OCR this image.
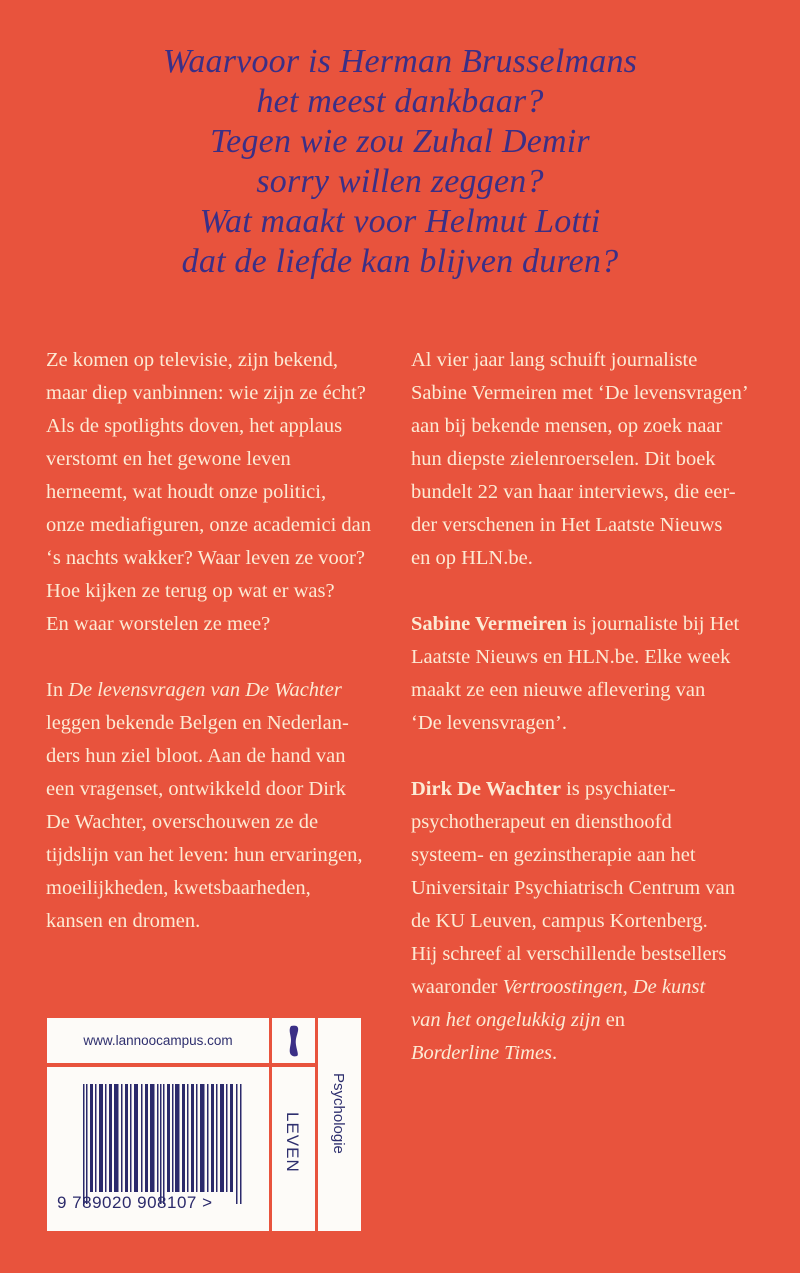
Waarvoor is Herman Brusselmans
het meest dankbaar?
Tegen wie zou Zuhal Demir
sorry willen zeggen?
Wat maakt voor Helmut Lotti
dat de liefde kan blijven duren?
Ze komen op televisie, zijn bekend,
maar diep vanbinnen: wie zijn ze écht?
Als de spotlights doven, het applaus
verstomt en het gewone leven
herneemt, wat houdt onze politici,
onze mediafiguren, onze academici dan
‘s nachts wakker? Waar leven ze voor?
Hoe kijken ze terug op wat er was?
En waar worstelen ze mee?
In De levensvragen van De Wachter
leggen bekende Belgen en Nederlan-
ders hun ziel bloot. Aan de hand van
een vragenset, ontwikkeld door Dirk
De Wachter, overschouwen ze de
tijdslijn van het leven: hun ervaringen,
moeilijkheden, kwetsbaarheden,
kansen en dromen.
Al vier jaar lang schuift journaliste
Sabine Vermeiren met ‘De levensvragen’
aan bij bekende mensen, op zoek naar
hun diepste zielenroerselen. Dit boek
bundelt 22 van haar interviews, die eer-
der verschenen in Het Laatste Nieuws
en op HLN.be.
Sabine Vermeiren is journaliste bij Het
Laatste Nieuws en HLN.be. Elke week
maakt ze een nieuwe aflevering van
‘De levensvragen’.
Dirk De Wachter is psychiater-
psychotherapeut en diensthoofd
systeem- en gezinstherapie aan het
Universitair Psychiatrisch Centrum van
de KU Leuven, campus Kortenberg.
Hij schreef al verschillende bestsellers
waaronder Vertroostingen, De kunst
van het ongelukkig zijn en
Borderline Times.
www.lannoocampus.com
9 789020 908107 >
LEVEN Psychologie
